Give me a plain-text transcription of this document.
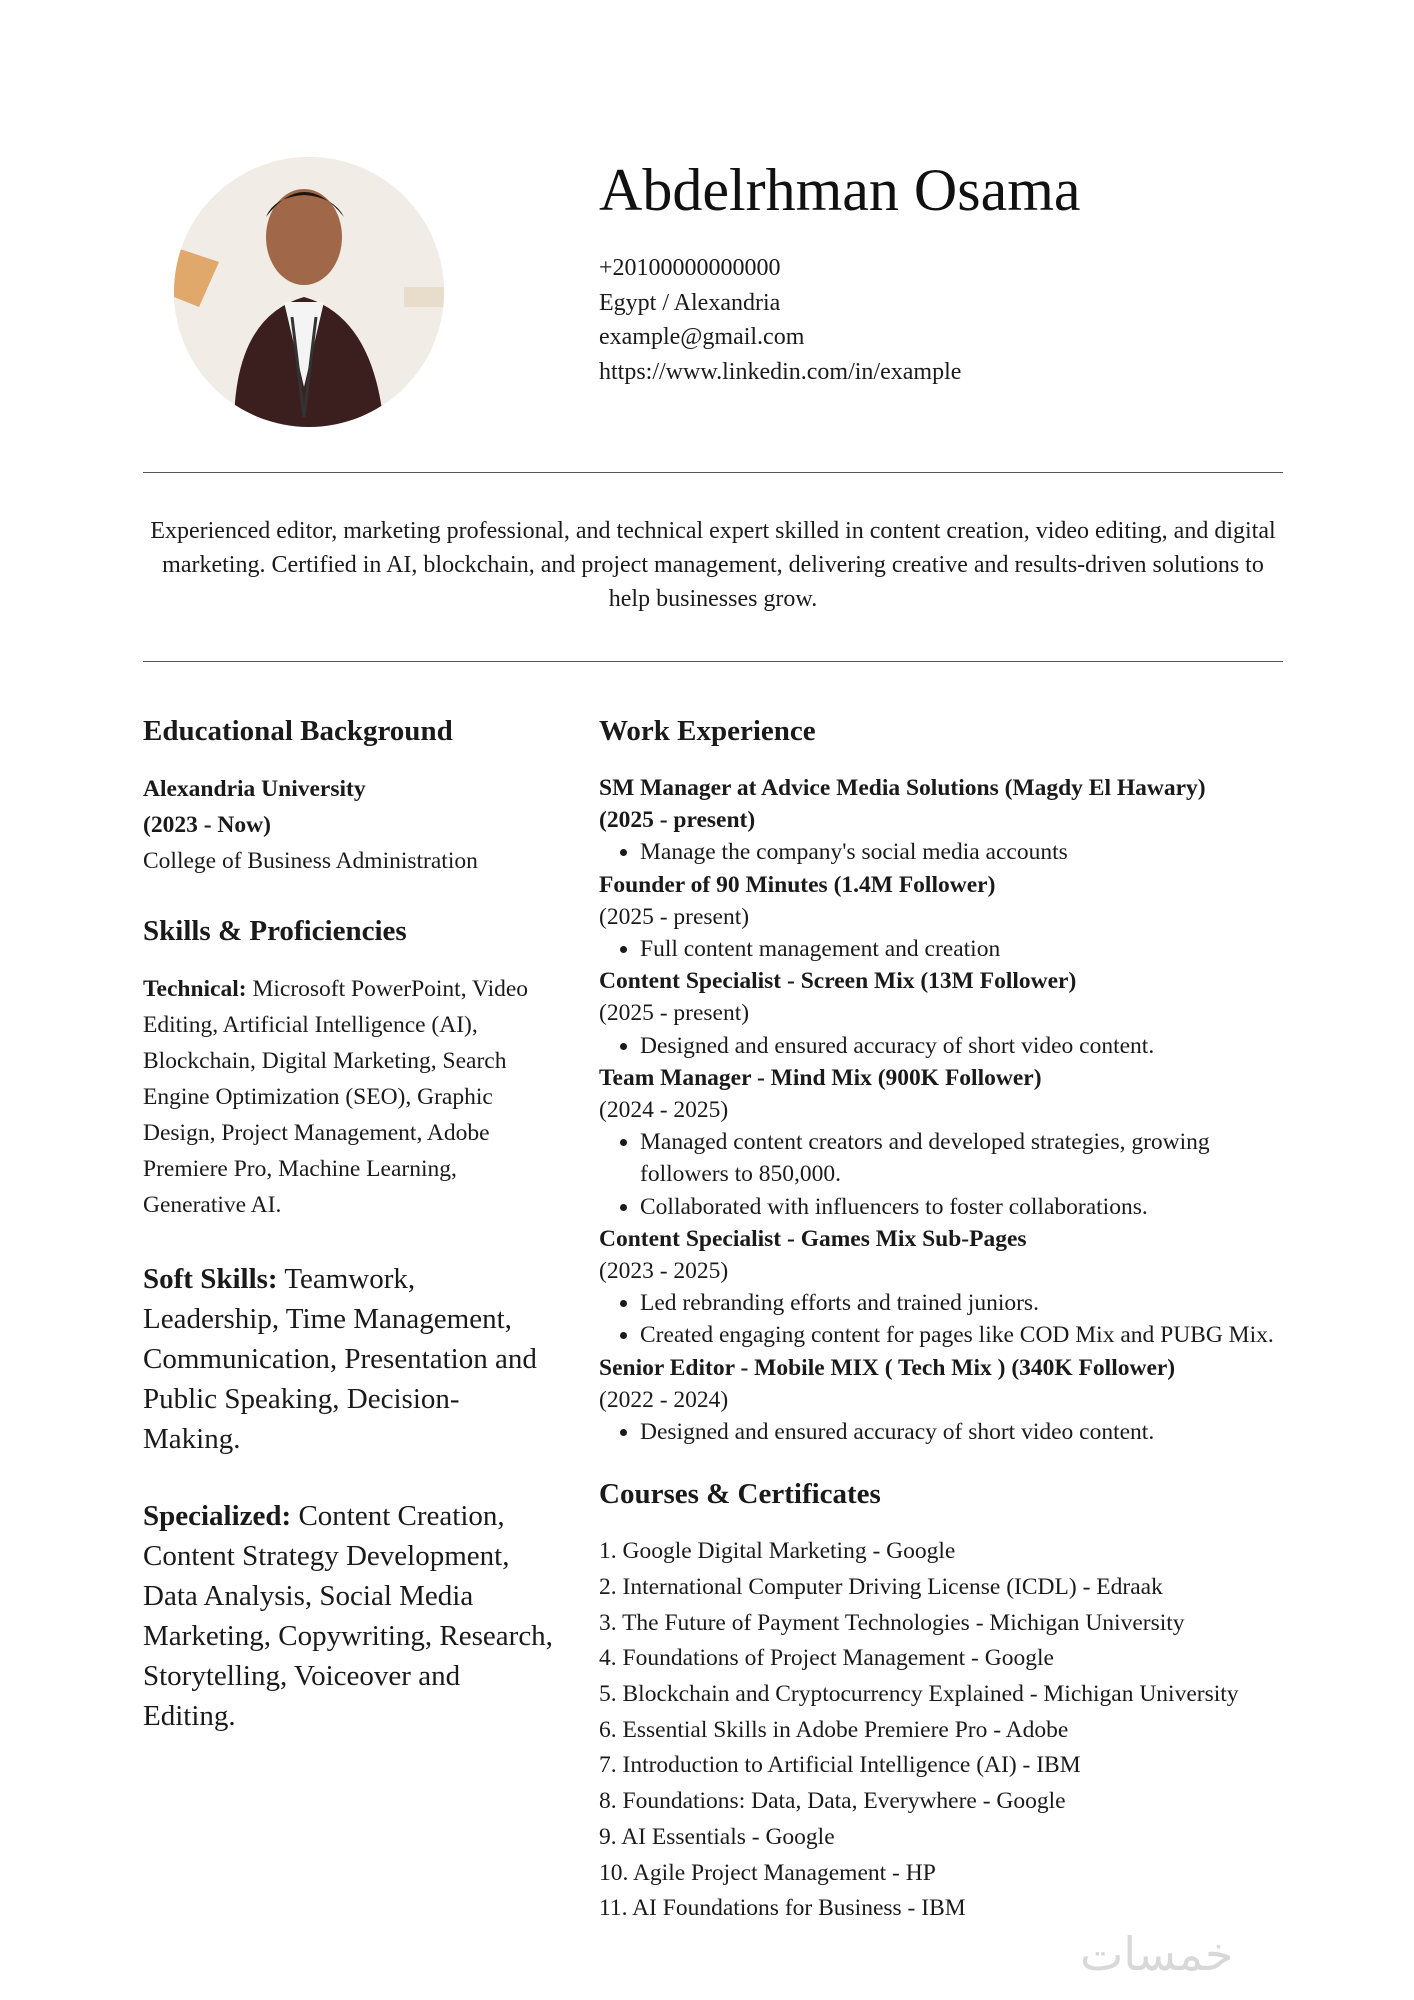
Abdelrhman Osama
+20100000000000
Egypt / Alexandria
example@gmail.com
https://www.linkedin.com/in/example
Experienced editor, marketing professional, and technical expert skilled in content creation, video editing, and digital marketing. Certified in AI, blockchain, and project management, delivering creative and results-driven solutions to help businesses grow.
Educational Background
Alexandria University
(2023 - Now)
College of Business Administration
Skills & Proficiencies
Technical: Microsoft PowerPoint, Video Editing, Artificial Intelligence (AI), Blockchain, Digital Marketing, Search Engine Optimization (SEO), Graphic Design, Project Management, Adobe Premiere Pro, Machine Learning, Generative AI.
Soft Skills: Teamwork, Leadership, Time Management, Communication, Presentation and Public Speaking, Decision-Making.
Specialized: Content Creation, Content Strategy Development, Data Analysis, Social Media Marketing, Copywriting, Research, Storytelling, Voiceover and Editing.
Work Experience
SM Manager at Advice Media Solutions (Magdy El Hawary)
(2025 - present)
• Manage the company's social media accounts
Founder of 90 Minutes (1.4M Follower)
(2025 - present)
• Full content management and creation
Content Specialist - Screen Mix (13M Follower)
(2025 - present)
• Designed and ensured accuracy of short video content.
Team Manager - Mind Mix (900K Follower)
(2024 - 2025)
• Managed content creators and developed strategies, growing followers to 850,000.
• Collaborated with influencers to foster collaborations.
Content Specialist - Games Mix Sub-Pages
(2023 - 2025)
• Led rebranding efforts and trained juniors.
• Created engaging content for pages like COD Mix and PUBG Mix.
Senior Editor - Mobile MIX ( Tech Mix ) (340K Follower)
(2022 - 2024)
• Designed and ensured accuracy of short video content.
Courses & Certificates
1. Google Digital Marketing - Google
2. International Computer Driving License (ICDL) - Edraak
3. The Future of Payment Technologies - Michigan University
4. Foundations of Project Management - Google
5. Blockchain and Cryptocurrency Explained - Michigan University
6. Essential Skills in Adobe Premiere Pro - Adobe
7. Introduction to Artificial Intelligence (AI) - IBM
8. Foundations: Data, Data, Everywhere - Google
9. AI Essentials - Google
10. Agile Project Management - HP
11. AI Foundations for Business - IBM
خمسات
